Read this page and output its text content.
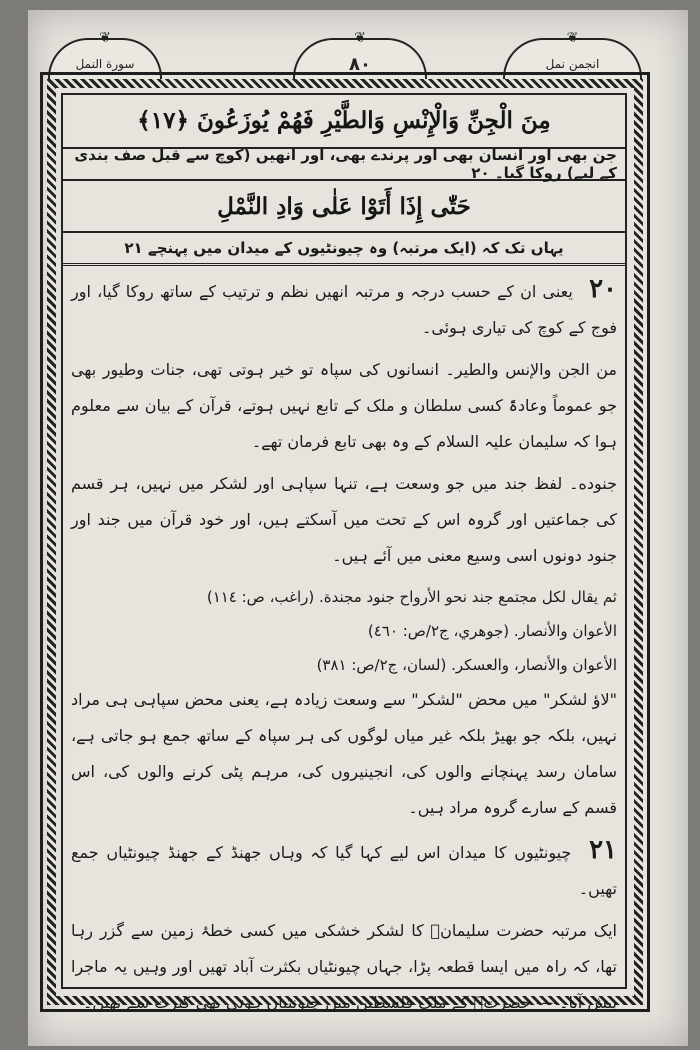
❦
سورة النمل
❦
۸۰
❦
انجمن نمل
مِنَ الْجِنِّ وَالْإِنْسِ وَالطَّيْرِ فَهُمْ يُوزَعُونَ ﴿١٧﴾
جن بھی اور انسان بھی اور پرندے بھی، اور انھیں (کوچ سے قبل صف بندی کے لیے) روکا گیا۔ ۲۰
حَتّٰى إِذَا أَتَوْا عَلٰى وَادِ النَّمْلِ
یہاں تک کہ (ایک مرتبہ) وہ چیونٹیوں کے میدان میں پہنچے ۲۱

٢٠ یعنی ان کے حسب درجہ و مرتبہ انھیں نظم و ترتیب کے ساتھ روکا گیا، اور فوج کے کوچ کی تیاری ہوئی۔

من الجن والإنس والطير۔ انسانوں کی سپاہ تو خیر ہوتی تھی، جنات وطیور بھی جو عموماً وعادۃً کسی سلطان و ملک کے تابع نہیں ہوتے، قرآن کے بیان سے معلوم ہوا کہ سلیمان علیہ السلام کے وہ بھی تابع فرمان تھے۔

جنوده۔ لفظ جند میں جو وسعت ہے، تنہا سپاہی اور لشکر میں نہیں، ہر قسم کی جماعتیں اور گروہ اس کے تحت میں آسکتے ہیں، اور خود قرآن میں جند اور جنود دونوں اسی وسیع معنی میں آئے ہیں۔

ثم يقال لكل مجتمع جند نحو الأرواح جنود مجندة. (راغب، ص: ١١٤)

الأعوان والأنصار. (جوهري، ج٢/ص: ٤٦٠)

الأعوان والأنصار، والعسكر. (لسان، ج٢/ص: ٣٨١)

"لاؤ لشکر" میں محض "لشکر" سے وسعت زیادہ ہے، یعنی محض سپاہی ہی مراد نہیں، بلکہ جو بھیڑ بلکہ غیر میاں لوگوں کی ہر سپاہ کے ساتھ جمع ہو جاتی ہے، سامان رسد پہنچانے والوں کی، انجینیروں کی، مرہم پٹی کرنے والوں کی، اس قسم کے سارے گروہ مراد ہیں۔

٢١ چیونٹیوں کا میدان اس لیے کہا گیا کہ وہاں جھنڈ کے جھنڈ چیونٹیاں جمع تھیں۔

ایک مرتبہ حضرت سلیمانؑ کا لشکر خشکی میں کسی خطۂ زمین سے گزر رہا تھا، کہ راہ میں ایسا قطعہ پڑا، جہاں چیونٹیاں بکثرت آباد تھیں اور وہیں یہ ماجرا پیش آیا۔---- حضرتؑ کے ملک فلسطین میں چیونٹیاں ہوتی بھی کثرت سے تھیں۔
